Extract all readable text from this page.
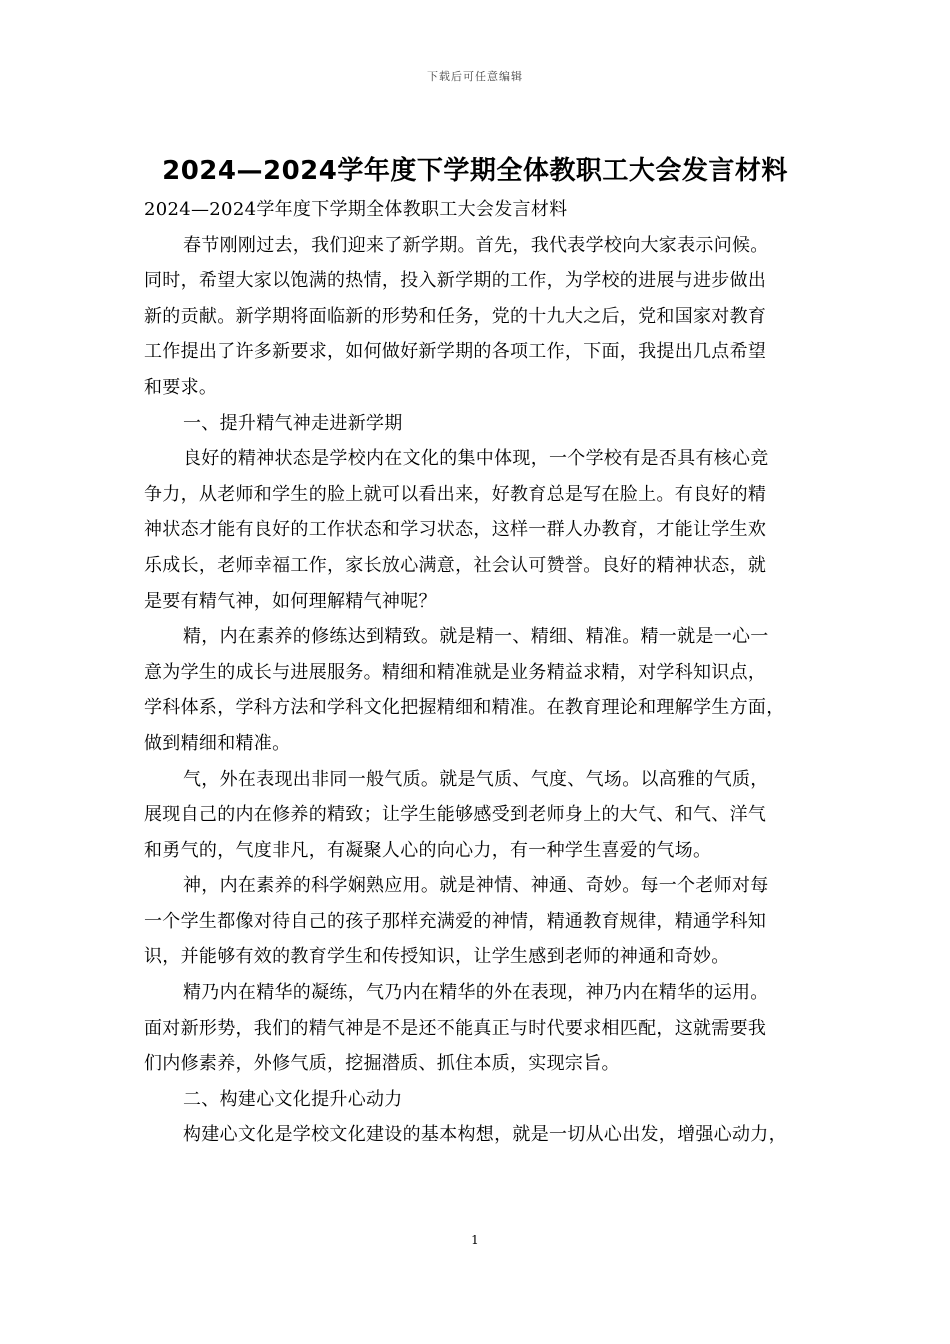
下载后可任意编辑
2024—2024学年度下学期全体教职工大会发言材料
2024—2024学年度下学期全体教职工大会发言材料
春节刚刚过去，我们迎来了新学期。首先，我代表学校向大家表示问候。
同时，希望大家以饱满的热情，投入新学期的工作，为学校的进展与进步做出
新的贡献。新学期将面临新的形势和任务，党的十九大之后，党和国家对教育
工作提出了许多新要求，如何做好新学期的各项工作，下面，我提出几点希望
和要求。
一、提升精气神走进新学期
良好的精神状态是学校内在文化的集中体现，一个学校有是否具有核心竞
争力，从老师和学生的脸上就可以看出来，好教育总是写在脸上。有良好的精
神状态才能有良好的工作状态和学习状态，这样一群人办教育，才能让学生欢
乐成长，老师幸福工作，家长放心满意，社会认可赞誉。良好的精神状态，就
是要有精气神，如何理解精气神呢？
精，内在素养的修练达到精致。就是精一、精细、精准。精一就是一心一
意为学生的成长与进展服务。精细和精准就是业务精益求精，对学科知识点，
学科体系，学科方法和学科文化把握精细和精准。在教育理论和理解学生方面，
做到精细和精准。
气，外在表现出非同一般气质。就是气质、气度、气场。以高雅的气质，
展现自己的内在修养的精致；让学生能够感受到老师身上的大气、和气、洋气
和勇气的，气度非凡，有凝聚人心的向心力，有一种学生喜爱的气场。
神，内在素养的科学娴熟应用。就是神情、神通、奇妙。每一个老师对每
一个学生都像对待自己的孩子那样充满爱的神情，精通教育规律，精通学科知
识，并能够有效的教育学生和传授知识，让学生感到老师的神通和奇妙。
精乃内在精华的凝练，气乃内在精华的外在表现，神乃内在精华的运用。
面对新形势，我们的精气神是不是还不能真正与时代要求相匹配，这就需要我
们内修素养，外修气质，挖掘潜质、抓住本质，实现宗旨。
二、构建心文化提升心动力
构建心文化是学校文化建设的基本构想，就是一切从心出发，增强心动力，
1
